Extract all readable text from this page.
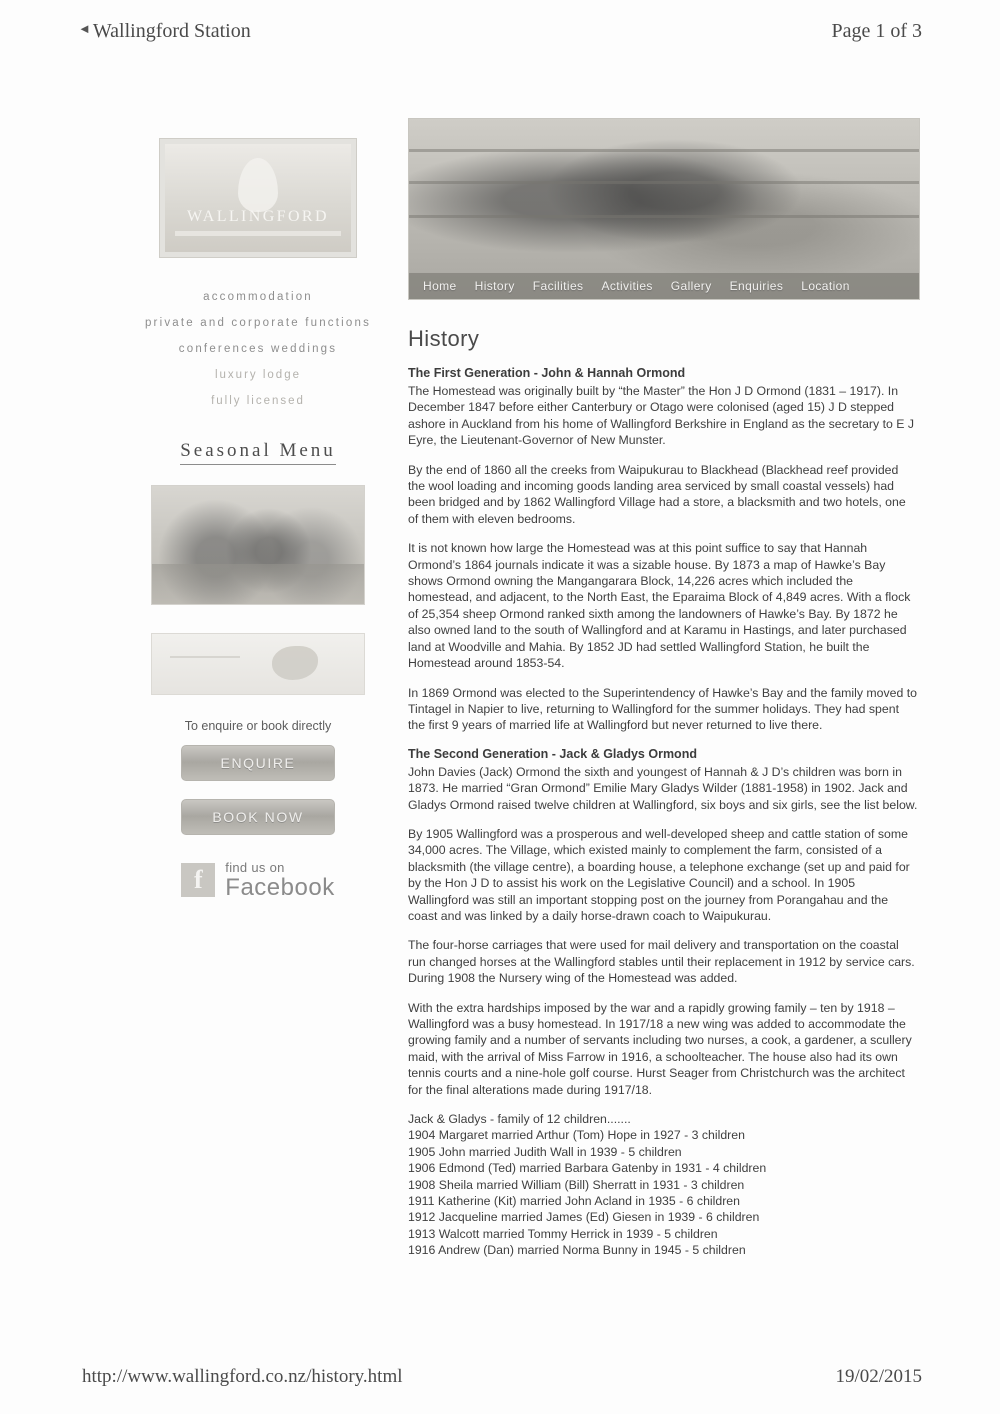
◄ Wallingford Station	Page 1 of 3
WALLINGFORD
accommodation
private and corporate functions
conferences weddings
luxury lodge
fully licensed
Seasonal Menu
To enquire or book directly
ENQUIRE
BOOK NOW
f	find us on
Facebook
Home History Facilities Activities Gallery Enquiries Location
History
The First Generation - John & Hannah Ormond

The Homestead was originally built by “the Master” the Hon J D Ormond (1831 – 1917). In December 1847 before either Canterbury or Otago were colonised (aged 15) J D stepped ashore in Auckland from his home of Wallingford Berkshire in England as the secretary to E J Eyre, the Lieutenant-Governor of New Munster.

By the end of 1860 all the creeks from Waipukurau to Blackhead (Blackhead reef provided the wool loading and incoming goods landing area serviced by small coastal vessels) had been bridged and by 1862 Wallingford Village had a store, a blacksmith and two hotels, one of them with eleven bedrooms.

It is not known how large the Homestead was at this point suffice to say that Hannah Ormond’s 1864 journals indicate it was a sizable house. By 1873 a map of Hawke’s Bay shows Ormond owning the Mangangarara Block, 14,226 acres which included the homestead, and adjacent, to the North East, the Eparaima Block of 4,849 acres. With a flock of 25,354 sheep Ormond ranked sixth among the landowners of Hawke’s Bay. By 1872 he also owned land to the south of Wallingford and at Karamu in Hastings, and later purchased land at Woodville and Mahia. By 1852 JD had settled Wallingford Station, he built the Homestead around 1853-54.

In 1869 Ormond was elected to the Superintendency of Hawke’s Bay and the family moved to Tintagel in Napier to live, returning to Wallingford for the summer holidays. They had spent the first 9 years of married life at Wallingford but never returned to live there.

The Second Generation - Jack & Gladys Ormond

John Davies (Jack) Ormond the sixth and youngest of Hannah & J D’s children was born in 1873. He married “Gran Ormond” Emilie Mary Gladys Wilder (1881-1958) in 1902. Jack and Gladys Ormond raised twelve children at Wallingford, six boys and six girls, see the list below.

By 1905 Wallingford was a prosperous and well-developed sheep and cattle station of some 34,000 acres. The Village, which existed mainly to complement the farm, consisted of a blacksmith (the village centre), a boarding house, a telephone exchange (set up and paid for by the Hon J D to assist his work on the Legislative Council) and a school. In 1905 Wallingford was still an important stopping post on the journey from Porangahau and the coast and was linked by a daily horse-drawn coach to Waipukurau.

The four-horse carriages that were used for mail delivery and transportation on the coastal run changed horses at the Wallingford stables until their replacement in 1912 by service cars. During 1908 the Nursery wing of the Homestead was added.

With the extra hardships imposed by the war and a rapidly growing family – ten by 1918 – Wallingford was a busy homestead. In 1917/18 a new wing was added to accommodate the growing family and a number of servants including two nurses, a cook, a gardener, a scullery maid, with the arrival of Miss Farrow in 1916, a schoolteacher. The house also had its own tennis courts and a nine-hole golf course. Hurst Seager from Christchurch was the architect for the final alterations made during 1917/18.

Jack & Gladys - family of 12 children.......
1904 Margaret married Arthur (Tom) Hope in 1927 - 3 children
1905 John married Judith Wall in 1939 - 5 children
1906 Edmond (Ted) married Barbara Gatenby in 1931 - 4 children
1908 Sheila married William (Bill) Sherratt in 1931 - 3 children
1911 Katherine (Kit) married John Acland in 1935 - 6 children
1912 Jacqueline married James (Ed) Giesen in 1939 - 6 children
1913 Walcott married Tommy Herrick in 1939 - 5 children
1916 Andrew (Dan) married Norma Bunny in 1945 - 5 children
http://www.wallingford.co.nz/history.html	19/02/2015
